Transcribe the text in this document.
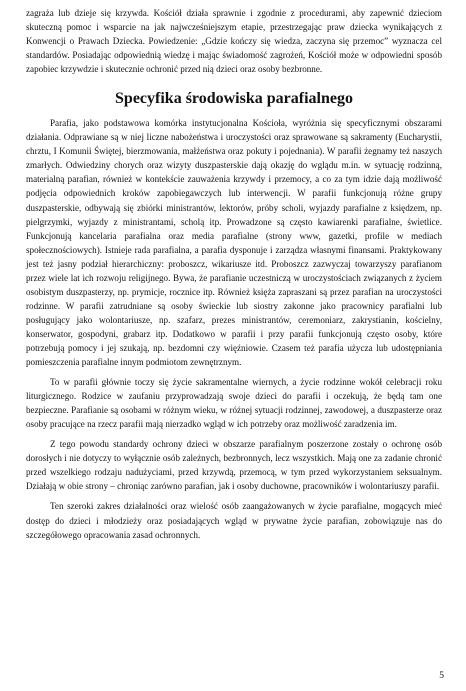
zagraża lub dzieje się krzywda. Kościół działa sprawnie i zgodnie z procedurami, aby zapewnić dzieciom skuteczną pomoc i wsparcie na jak najwcześniejszym etapie, przestrzegając praw dziecka wynikających z Konwencji o Prawach Dziecka. Powiedzenie: „Gdzie kończy się wiedza, zaczyna się przemoc” wyznacza cel standardów. Posiadając odpowiednią wiedzę i mając świadomość zagrożeń, Kościół może w odpowiedni sposób zapobiec krzywdzie i skutecznie ochronić przed nią dzieci oraz osoby bezbronne.

Specyfika środowiska parafialnego

Parafia, jako podstawowa komórka instytucjonalna Kościoła, wyróżnia się specyficznymi obszarami działania. Odprawiane są w niej liczne nabożeństwa i uroczystości oraz sprawowane są sakramenty (Eucharystii, chrztu, I Komunii Świętej, bierzmowania, małżeństwa oraz pokuty i pojednania). W parafii żegnamy też naszych zmarłych. Odwiedziny chorych oraz wizyty duszpasterskie dają okazję do wglądu m.in. w sytuację rodzinną, materialną parafian, również w kontekście zauważenia krzywdy i przemocy, a co za tym idzie dają możliwość podjęcia odpowiednich kroków zapobiegawczych lub interwencji. W parafii funkcjonują różne grupy duszpasterskie, odbywają się zbiórki ministrantów, lektorów, próby scholi, wyjazdy parafialne z księdzem, np. pielgrzymki, wyjazdy z ministrantami, scholą itp. Prowadzone są często kawiarenki parafialne, świetlice. Funkcjonują kancelaria parafialna oraz media parafialne (strony www, gazetki, profile w mediach społecznościowych). Istnieje rada parafialna, a parafia dysponuje i zarządza własnymi finansami. Praktykowany jest też jasny podział hierarchiczny: proboszcz, wikariusze itd. Proboszcz zazwyczaj towarzyszy parafianom przez wiele lat ich rozwoju religijnego. Bywa, że parafianie uczestniczą w uroczystościach związanych z życiem osobistym duszpasterzy, np. prymicje, rocznice itp. Również księża zapraszani są przez parafian na uroczystości rodzinne. W parafii zatrudniane są osoby świeckie lub siostry zakonne jako pracownicy parafialni lub posługujący jako wolontariusze, np. szafarz, prezes ministrantów, ceremoniarz, zakrystianin, kościelny, konserwator, gospodyni, grabarz itp. Dodatkowo w parafii i przy parafii funkcjonują często osoby, które potrzebują pomocy i jej szukają, np. bezdomni czy więźniowie. Czasem też parafia użycza lub udostępniania pomieszczenia parafialne innym podmiotom zewnętrznym.

To w parafii głównie toczy się życie sakramentalne wiernych, a życie rodzinne wokół celebracji roku liturgicznego. Rodzice w zaufaniu przyprowadzają swoje dzieci do parafii i oczekują, że będą tam one bezpieczne. Parafianie są osobami w różnym wieku, w różnej sytuacji rodzinnej, zawodowej, a duszpasterze oraz osoby pracujące na rzecz parafii mają nierzadko wgląd w ich potrzeby oraz możliwość zaradzenia im.

Z tego powodu standardy ochrony dzieci w obszarze parafialnym poszerzone zostały o ochronę osób dorosłych i nie dotyczy to wyłącznie osób zależnych, bezbronnych, lecz wszystkich. Mają one za zadanie chronić przed wszelkiego rodzaju nadużyciami, przed krzywdą, przemocą, w tym przed wykorzystaniem seksualnym. Działają w obie strony – chroniąc zarówno parafian, jak i osoby duchowne, pracowników i wolontariuszy parafii.

Ten szeroki zakres działalności oraz wielość osób zaangażowanych w życie parafialne, mogących mieć dostęp do dzieci i młodzieży oraz posiadających wgląd w prywatne życie parafian, zobowiązuje nas do szczegółowego opracowania zasad ochronnych.

5
